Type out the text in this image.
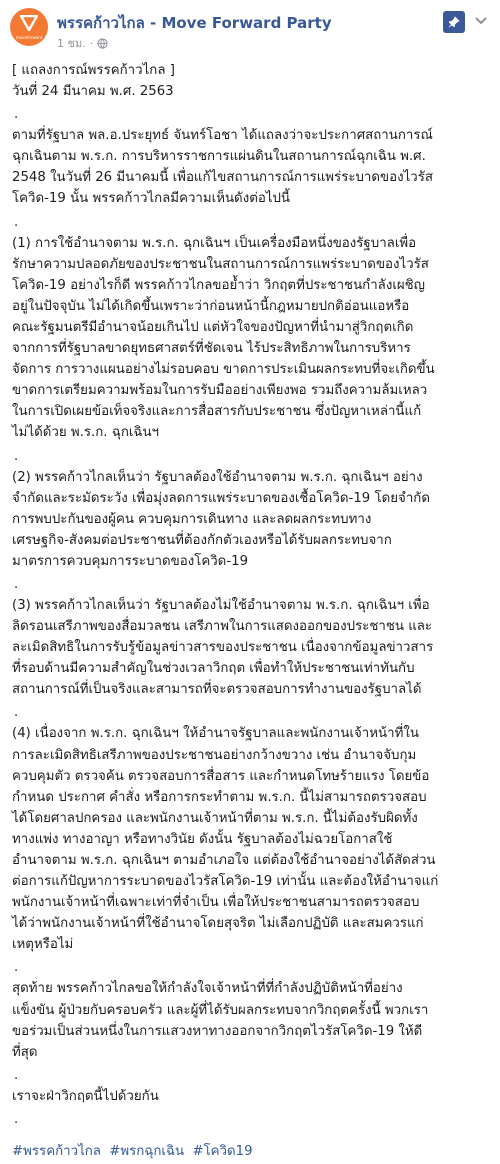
moveforward
พรรคก้าวไกล - Move Forward Party
1 ชม. ·

[ แถลงการณ์พรรคก้าวไกล ]
วันที่ 24 มีนาคม พ.ศ. 2563

.

ตามที่รัฐบาล พล.อ.ประยุทธ์ จันทร์โอชา ได้แถลงว่าจะประกาศสถานการณ์
ฉุกเฉินตาม พ.ร.ก. การบริหารราชการแผ่นดินในสถานการณ์ฉุกเฉิน พ.ศ.
2548 ในวันที่ 26 มีนาคมนี้ เพื่อแก้ไขสถานการณ์การแพร่ระบาดของไวรัส
โควิด-19 นั้น พรรคก้าวไกลมีความเห็นดังต่อไปนี้

.

(1) การใช้อำนาจตาม พ.ร.ก. ฉุกเฉินฯ เป็นเครื่องมือหนึ่งของรัฐบาลเพื่อ
รักษาความปลอดภัยของประชาชนในสถานการณ์การแพร่ระบาดของไวรัส
โควิด-19 อย่างไรก็ดี พรรคก้าวไกลขอย้ำว่า วิกฤตที่ประชาชนกำลังเผชิญ
อยู่ในปัจจุบัน ไม่ได้เกิดขึ้นเพราะว่าก่อนหน้านี้กฎหมายปกติอ่อนแอหรือ
คณะรัฐมนตรีมีอำนาจน้อยเกินไป แต่หัวใจของปัญหาที่นำมาสู่วิกฤตเกิด
จากการที่รัฐบาลขาดยุทธศาสตร์ที่ชัดเจน ไร้ประสิทธิภาพในการบริหาร
จัดการ การวางแผนอย่างไม่รอบคอบ ขาดการประเมินผลกระทบที่จะเกิดขึ้น
ขาดการเตรียมความพร้อมในการรับมืออย่างเพียงพอ รวมถึงความล้มเหลว
ในการเปิดเผยข้อเท็จจริงและการสื่อสารกับประชาชน ซึ่งปัญหาเหล่านี้แก้
ไม่ได้ด้วย พ.ร.ก. ฉุกเฉินฯ

.

(2) พรรคก้าวไกลเห็นว่า รัฐบาลต้องใช้อำนาจตาม พ.ร.ก. ฉุกเฉินฯ อย่าง
จำกัดและระมัดระวัง เพื่อมุ่งลดการแพร่ระบาดของเชื้อโควิด-19 โดยจำกัด
การพบปะกันของผู้คน ควบคุมการเดินทาง และลดผลกระทบทาง
เศรษฐกิจ-สังคมต่อประชาชนที่ต้องกักตัวเองหรือได้รับผลกระทบจาก
มาตรการควบคุมการระบาดของโควิด-19

.

(3) พรรคก้าวไกลเห็นว่า รัฐบาลต้องไม่ใช้อำนาจตาม พ.ร.ก. ฉุกเฉินฯ เพื่อ
ลิดรอนเสรีภาพของสื่อมวลชน เสรีภาพในการแสดงออกของประชาชน และ
ละเมิดสิทธิในการรับรู้ข้อมูลข่าวสารของประชาชน เนื่องจากข้อมูลข่าวสาร
ที่รอบด้านมีความสำคัญในช่วงเวลาวิกฤต เพื่อทำให้ประชาชนเท่าทันกับ
สถานการณ์ที่เป็นจริงและสามารถที่จะตรวจสอบการทำงานของรัฐบาลได้

.

(4) เนื่องจาก พ.ร.ก. ฉุกเฉินฯ ให้อำนาจรัฐบาลและพนักงานเจ้าหน้าที่ใน
การละเมิดสิทธิเสรีภาพของประชาชนอย่างกว้างขวาง เช่น อำนาจจับกุม
ควบคุมตัว ตรวจค้น ตรวจสอบการสื่อสาร และกำหนดโทษร้ายแรง โดยข้อ
กำหนด ประกาศ คำสั่ง หรือการกระทำตาม พ.ร.ก. นี้ไม่สามารถตรวจสอบ
ได้โดยศาลปกครอง และพนักงานเจ้าหน้าที่ตาม พ.ร.ก. นี้ไม่ต้องรับผิดทั้ง
ทางแพ่ง ทางอาญา หรือทางวินัย ดังนั้น รัฐบาลต้องไม่ฉวยโอกาสใช้
อำนาจตาม พ.ร.ก. ฉุกเฉินฯ ตามอำเภอใจ แต่ต้องใช้อำนาจอย่างได้สัดส่วน
ต่อการแก้ปัญหาการระบาดของไวรัสโควิด-19 เท่านั้น และต้องให้อำนาจแก่
พนักงานเจ้าหน้าที่เฉพาะเท่าที่จำเป็น เพื่อให้ประชาชนสามารถตรวจสอบ
ได้ว่าพนักงานเจ้าหน้าที่ใช้อำนาจโดยสุจริต ไม่เลือกปฏิบัติ และสมควรแก่
เหตุหรือไม่

.

สุดท้าย พรรคก้าวไกลขอให้กำลังใจเจ้าหน้าที่ที่กำลังปฏิบัติหน้าที่อย่าง
แข็งขัน ผู้ป่วยกับครอบครัว และผู้ที่ได้รับผลกระทบจากวิกฤตครั้งนี้ พวกเรา
ขอร่วมเป็นส่วนหนึ่งในการแสวงหาทางออกจากวิกฤตไวรัสโควิด-19 ให้ดี
ที่สุด

.

เราจะฝ่าวิกฤตนี้ไปด้วยกัน

.
#พรรคก้าวไกล #พรกฉุกเฉิน #โควิด19
